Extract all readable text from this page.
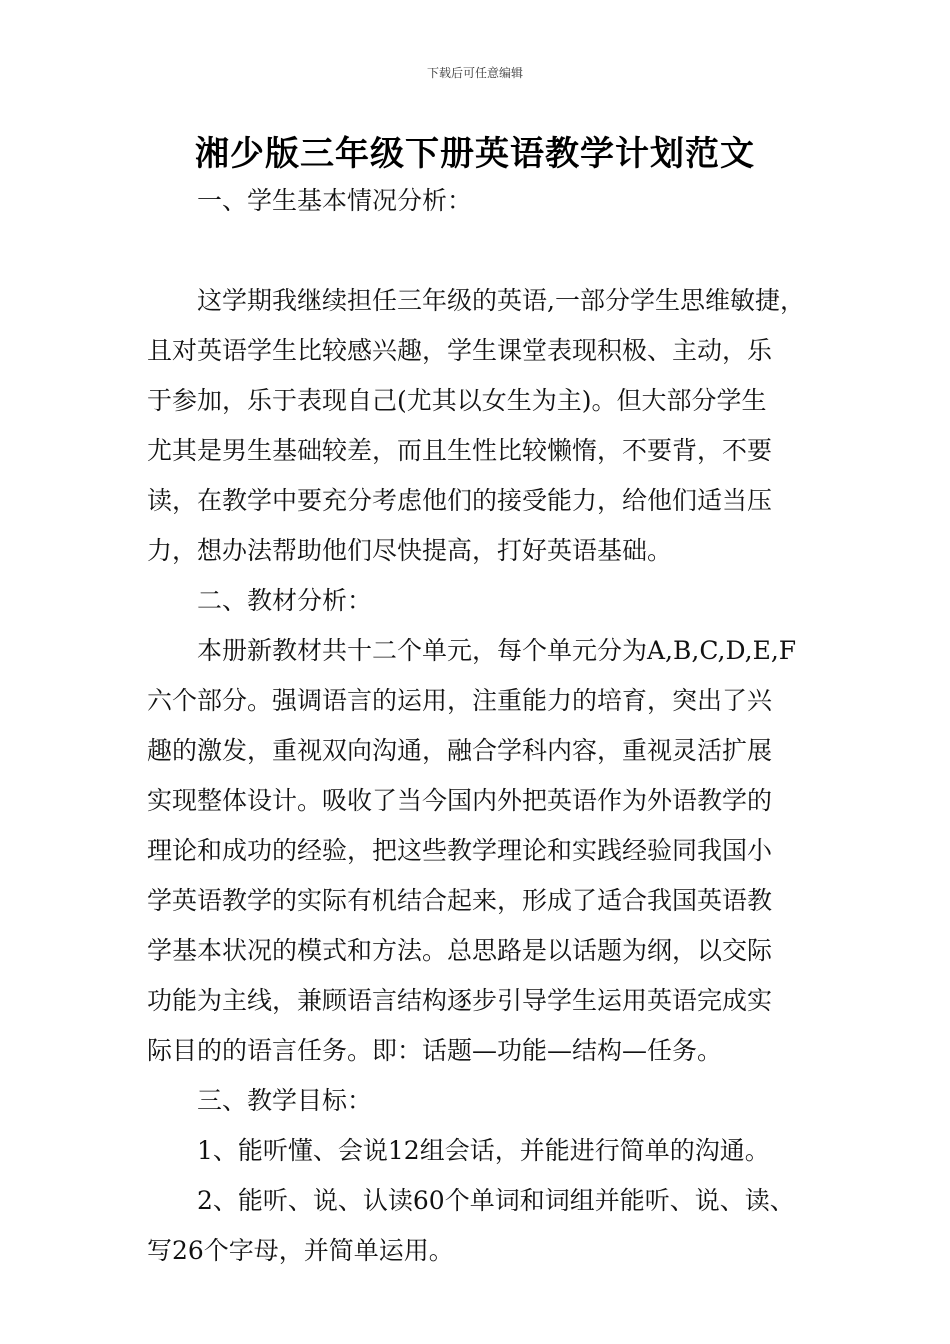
下载后可任意编辑
湘少版三年级下册英语教学计划范文
一、学生基本情况分析：
这学期我继续担任三年级的英语,一部分学生思维敏捷，
且对英语学生比较感兴趣，学生课堂表现积极、主动，乐
于参加，乐于表现自己(尤其以女生为主)。但大部分学生
尤其是男生基础较差，而且生性比较懒惰，不要背，不要
读，在教学中要充分考虑他们的接受能力，给他们适当压
力，想办法帮助他们尽快提高，打好英语基础。
二、教材分析：
本册新教材共十二个单元，每个单元分为A,B,C,D,E,F
六个部分。强调语言的运用，注重能力的培育，突出了兴
趣的激发，重视双向沟通，融合学科内容，重视灵活扩展
实现整体设计。吸收了当今国内外把英语作为外语教学的
理论和成功的经验，把这些教学理论和实践经验同我国小
学英语教学的实际有机结合起来，形成了适合我国英语教
学基本状况的模式和方法。总思路是以话题为纲，以交际
功能为主线，兼顾语言结构逐步引导学生运用英语完成实
际目的的语言任务。即：话题—功能—结构—任务。
三、教学目标：
1、能听懂、会说12组会话，并能进行简单的沟通。
2、能听、说、认读60个单词和词组并能听、说、读、
写26个字母，并简单运用。
